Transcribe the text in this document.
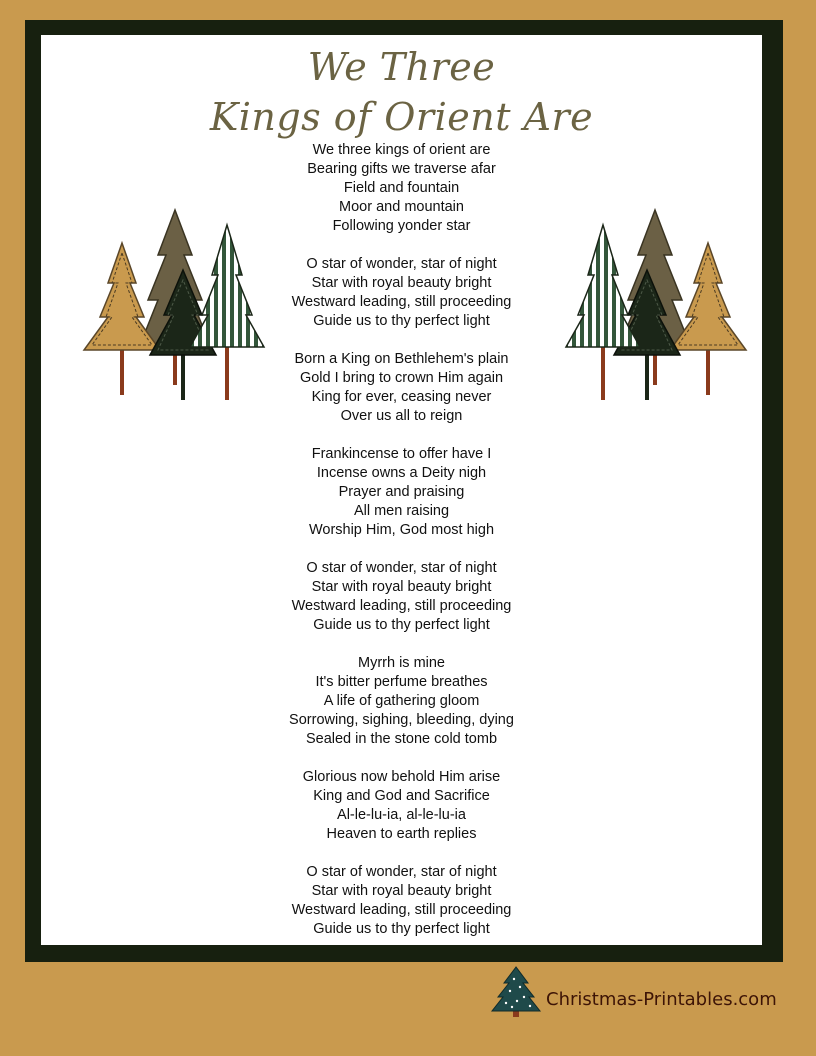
We Three
Kings of Orient Are
We three kings of orient are
Bearing gifts we traverse afar
Field and fountain
Moor and mountain
Following yonder star
O star of wonder, star of night
Star with royal beauty bright
Westward leading, still proceeding
Guide us to thy perfect light
Born a King on Bethlehem's plain
Gold I bring to crown Him again
King for ever, ceasing never
Over us all to reign
Frankincense to offer have I
Incense owns a Deity nigh
Prayer and praising
All men raising
Worship Him, God most high
O star of wonder, star of night
Star with royal beauty bright
Westward leading, still proceeding
Guide us to thy perfect light
Myrrh is mine
It's bitter perfume breathes
A life of gathering gloom
Sorrowing, sighing, bleeding, dying
Sealed in the stone cold tomb
Glorious now behold Him arise
King and God and Sacrifice
Al-le-lu-ia, al-le-lu-ia
Heaven to earth replies
O star of wonder, star of night
Star with royal beauty bright
Westward leading, still proceeding
Guide us to thy perfect light
Christmas-Printables.com
